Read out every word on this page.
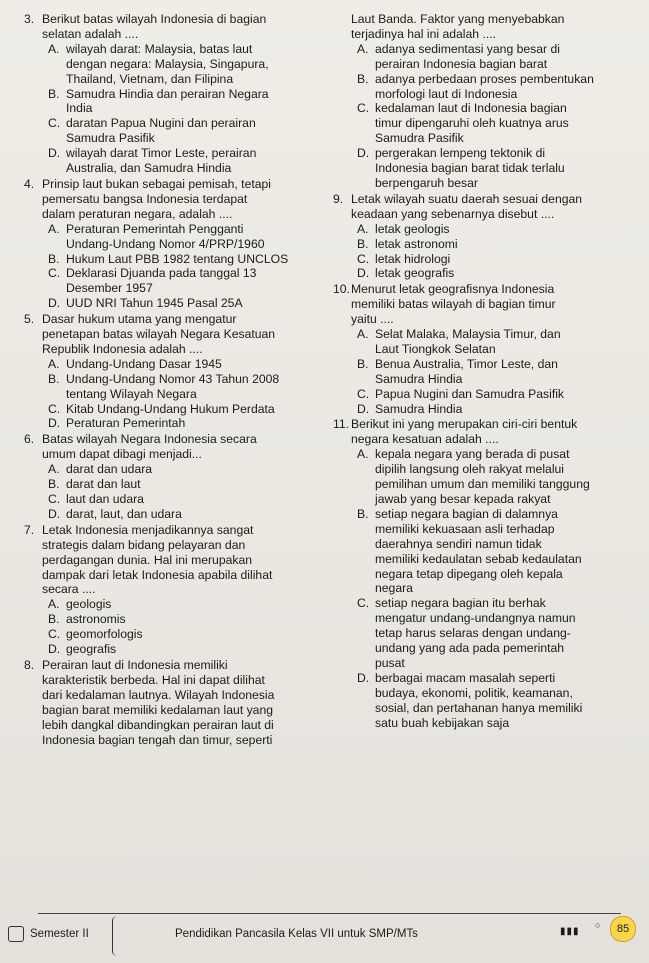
3. Berikut batas wilayah Indonesia di bagian
selatan adalah ....
A. wilayah darat: Malaysia, batas laut
dengan negara: Malaysia, Singapura,
Thailand, Vietnam, dan Filipina
B. Samudra Hindia dan perairan Negara
India
C. daratan Papua Nugini dan perairan
Samudra Pasifik
D. wilayah darat Timor Leste, perairan
Australia, dan Samudra Hindia
4. Prinsip laut bukan sebagai pemisah, tetapi
pemersatu bangsa Indonesia terdapat
dalam peraturan negara, adalah ....
A. Peraturan Pemerintah Pengganti
Undang-Undang Nomor 4/PRP/1960
B. Hukum Laut PBB 1982 tentang UNCLOS
C. Deklarasi Djuanda pada tanggal 13
Desember 1957
D. UUD NRI Tahun 1945 Pasal 25A
5. Dasar hukum utama yang mengatur
penetapan batas wilayah Negara Kesatuan
Republik Indonesia adalah ....
A. Undang-Undang Dasar 1945
B. Undang-Undang Nomor 43 Tahun 2008
tentang Wilayah Negara
C. Kitab Undang-Undang Hukum Perdata
D. Peraturan Pemerintah
6. Batas wilayah Negara Indonesia secara
umum dapat dibagi menjadi...
A. darat dan udara
B. darat dan laut
C. laut dan udara
D. darat, laut, dan udara
7. Letak Indonesia menjadikannya sangat
strategis dalam bidang pelayaran dan
perdagangan dunia. Hal ini merupakan
dampak dari letak Indonesia apabila dilihat
secara ....
A. geologis
B. astronomis
C. geomorfologis
D. geografis
8. Perairan laut di Indonesia memiliki
karakteristik berbeda. Hal ini dapat dilihat
dari kedalaman lautnya. Wilayah Indonesia
bagian barat memiliki kedalaman laut yang
lebih dangkal dibandingkan perairan laut di
Indonesia bagian tengah dan timur, seperti
Laut Banda. Faktor yang menyebabkan
terjadinya hal ini adalah ....
A. adanya sedimentasi yang besar di
perairan Indonesia bagian barat
B. adanya perbedaan proses pembentukan
morfologi laut di Indonesia
C. kedalaman laut di Indonesia bagian
timur dipengaruhi oleh kuatnya arus
Samudra Pasifik
D. pergerakan lempeng tektonik di
Indonesia bagian barat tidak terlalu
berpengaruh besar
9. Letak wilayah suatu daerah sesuai dengan
keadaan yang sebenarnya disebut ....
A. letak geologis
B. letak astronomi
C. letak hidrologi
D. letak geografis
10. Menurut letak geografisnya Indonesia
memiliki batas wilayah di bagian timur
yaitu ....
A. Selat Malaka, Malaysia Timur, dan
Laut Tiongkok Selatan
B. Benua Australia, Timor Leste, dan
Samudra Hindia
C. Papua Nugini dan Samudra Pasifik
D. Samudra Hindia
11. Berikut ini yang merupakan ciri-ciri bentuk
negara kesatuan adalah ....
A. kepala negara yang berada di pusat
dipilih langsung oleh rakyat melalui
pemilihan umum dan memiliki tanggung
jawab yang besar kepada rakyat
B. setiap negara bagian di dalamnya
memiliki kekuasaan asli terhadap
daerahnya sendiri namun tidak
memiliki kedaulatan sebab kedaulatan
negara tetap dipegang oleh kepala
negara
C. setiap negara bagian itu berhak
mengatur undang-undangnya namun
tetap harus selaras dengan undang-
undang yang ada pada pemerintah
pusat
D. berbagai macam masalah seperti
budaya, ekonomi, politik, keamanan,
sosial, dan pertahanan hanya memiliki
satu buah kebijakan saja
Semester II	Pendidikan Pancasila Kelas VII untuk SMP/MTs	▮▮▮
○	85
